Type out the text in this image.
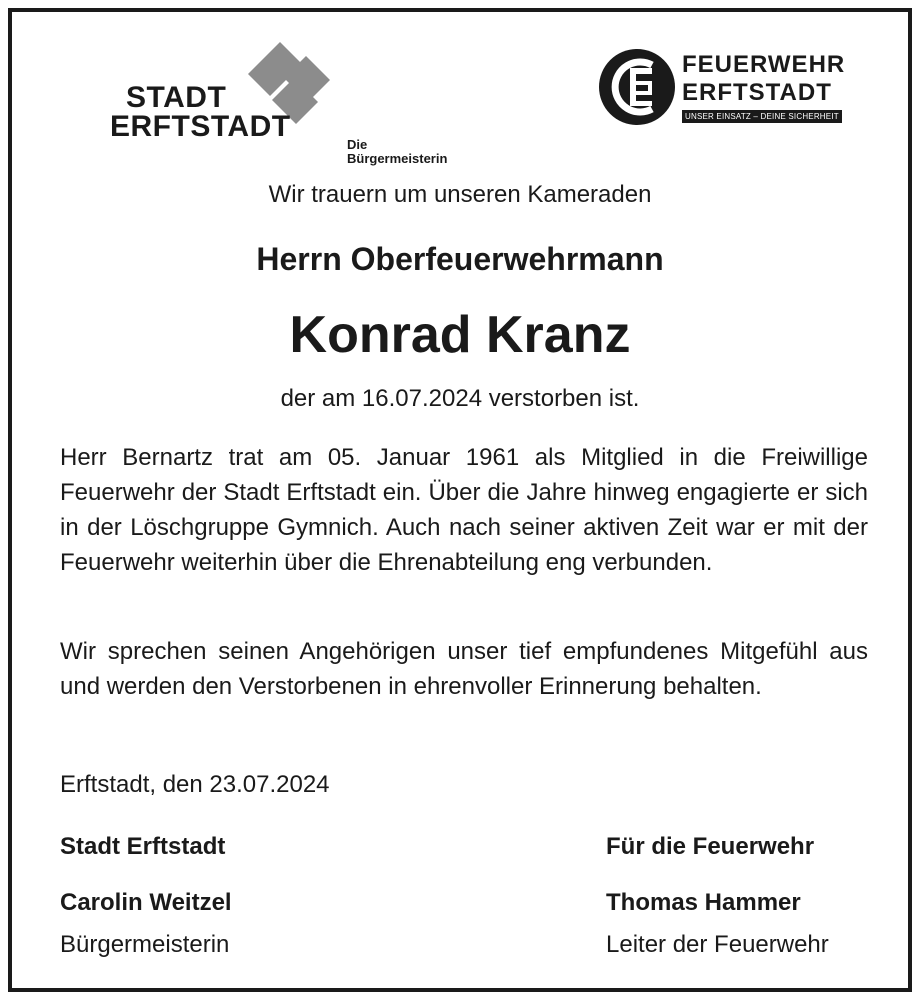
STADT
ERFTSTADT
Die Bürgermeisterin
FEUERWEHR
ERFTSTADT
UNSER EINSATZ – DEINE SICHERHEIT
Wir trauern um unseren Kameraden
Herrn Oberfeuerwehrmann
Konrad Kranz
der am 16.07.2024 verstorben ist.
Herr Bernartz trat am 05. Januar 1961 als Mitglied in die Freiwillige Feuerwehr der Stadt Erftstadt ein. Über die Jahre hinweg engagierte er sich in der Löschgruppe Gymnich. Auch nach seiner aktiven Zeit war er mit der Feuerwehr weiterhin über die Ehrenabteilung eng verbunden.
Wir sprechen seinen Angehörigen unser tief empfundenes Mitgefühl aus und werden den Verstorbenen in ehrenvoller Erinnerung behalten.
Erftstadt, den 23.07.2024
Stadt Erftstadt
Carolin Weitzel
Bürgermeisterin
Für die Feuerwehr
Thomas Hammer
Leiter der Feuerwehr
